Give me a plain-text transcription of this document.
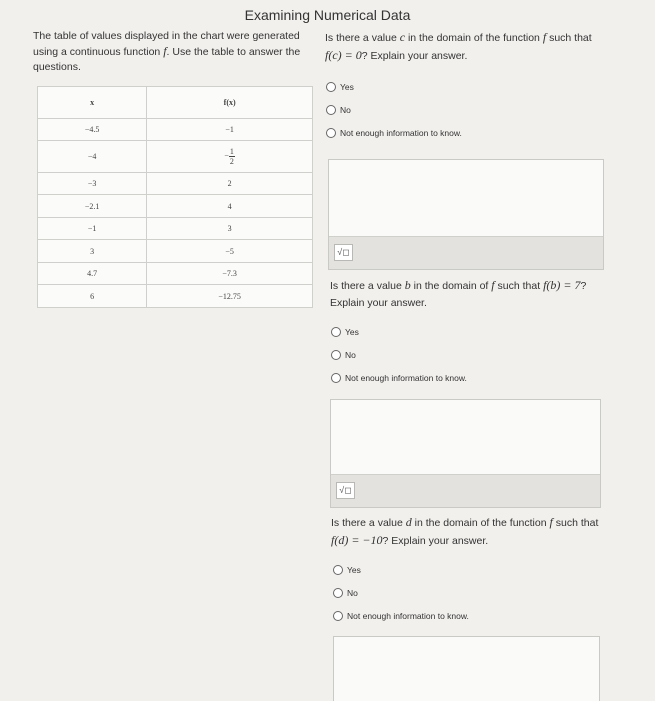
Examining Numerical Data
The table of values displayed in the chart were generated using a continuous function f. Use the table to answer the questions.
x	f(x)
−4.5	−1
−4	− $\frac{1}{2}$

−3	2
−2.1	4
−1	3
3	−5
4.7	−7.3
6	−12.75
Is there a value c in the domain of the function f such that f(c) = 0? Explain your answer.
Yes
No
Not enough information to know.
√◻
Is there a value b in the domain of f such that f(b) = 7? Explain your answer.
Yes
No
Not enough information to know.
√◻
Is there a value d in the domain of the function f such that f(d) = −10? Explain your answer.
Yes
No
Not enough information to know.
